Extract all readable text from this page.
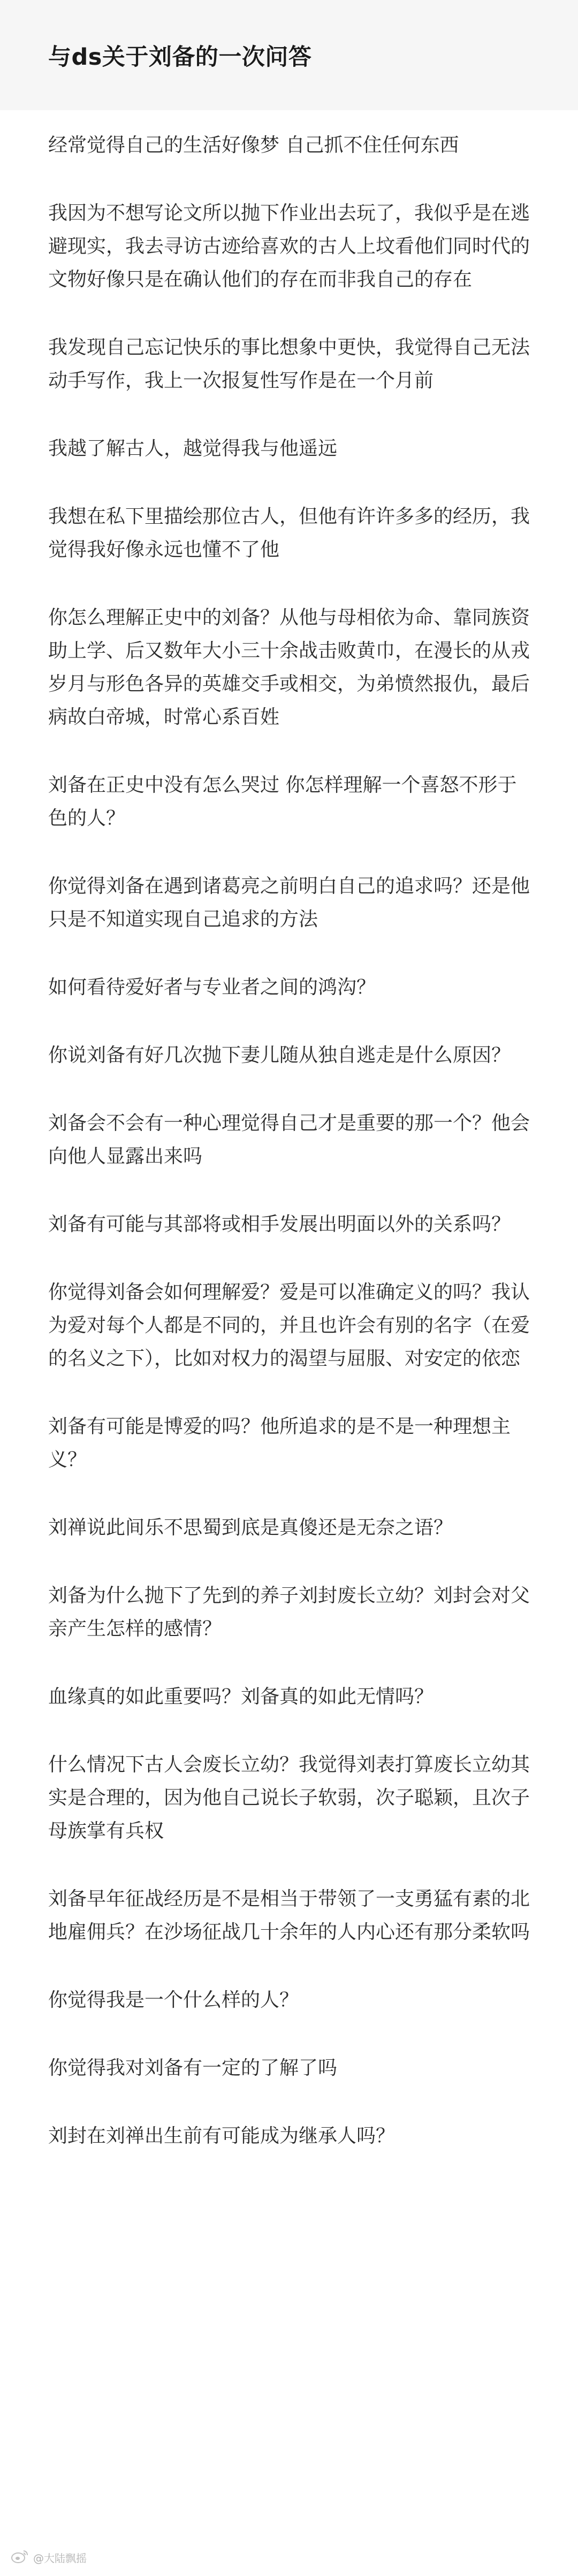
与ds关于刘备的一次问答

经常觉得自己的生活好像梦 自己抓不住任何东西

我因为不想写论文所以抛下作业出去玩了，我似乎是在逃避现实，我去寻访古迹给喜欢的古人上坟看他们同时代的文物好像只是在确认他们的存在而非我自己的存在

我发现自己忘记快乐的事比想象中更快，我觉得自己无法动手写作，我上一次报复性写作是在一个月前

我越了解古人，越觉得我与他遥远

我想在私下里描绘那位古人，但他有许许多多的经历，我觉得我好像永远也懂不了他

你怎么理解正史中的刘备？从他与母相依为命、靠同族资助上学、后又数年大小三十余战击败黄巾，在漫长的从戎岁月与形色各异的英雄交手或相交，为弟愤然报仇，最后病故白帝城，时常心系百姓

刘备在正史中没有怎么哭过 你怎样理解一个喜怒不形于色的人？

你觉得刘备在遇到诸葛亮之前明白自己的追求吗？还是他只是不知道实现自己追求的方法

如何看待爱好者与专业者之间的鸿沟？

你说刘备有好几次抛下妻儿随从独自逃走是什么原因？

刘备会不会有一种心理觉得自己才是重要的那一个？他会向他人显露出来吗

刘备有可能与其部将或相手发展出明面以外的关系吗？

你觉得刘备会如何理解爱？爱是可以准确定义的吗？我认为爱对每个人都是不同的，并且也许会有别的名字（在爱的名义之下），比如对权力的渴望与屈服、对安定的依恋

刘备有可能是博爱的吗？他所追求的是不是一种理想主义？

刘禅说此间乐不思蜀到底是真傻还是无奈之语？

刘备为什么抛下了先到的养子刘封废长立幼？刘封会对父亲产生怎样的感情？

血缘真的如此重要吗？刘备真的如此无情吗？

什么情况下古人会废长立幼？我觉得刘表打算废长立幼其实是合理的，因为他自己说长子软弱，次子聪颖，且次子母族掌有兵权

刘备早年征战经历是不是相当于带领了一支勇猛有素的北地雇佣兵？在沙场征战几十余年的人内心还有那分柔软吗

你觉得我是一个什么样的人？

你觉得我对刘备有一定的了解了吗

刘封在刘禅出生前有可能成为继承人吗？

@大陆飘摇
